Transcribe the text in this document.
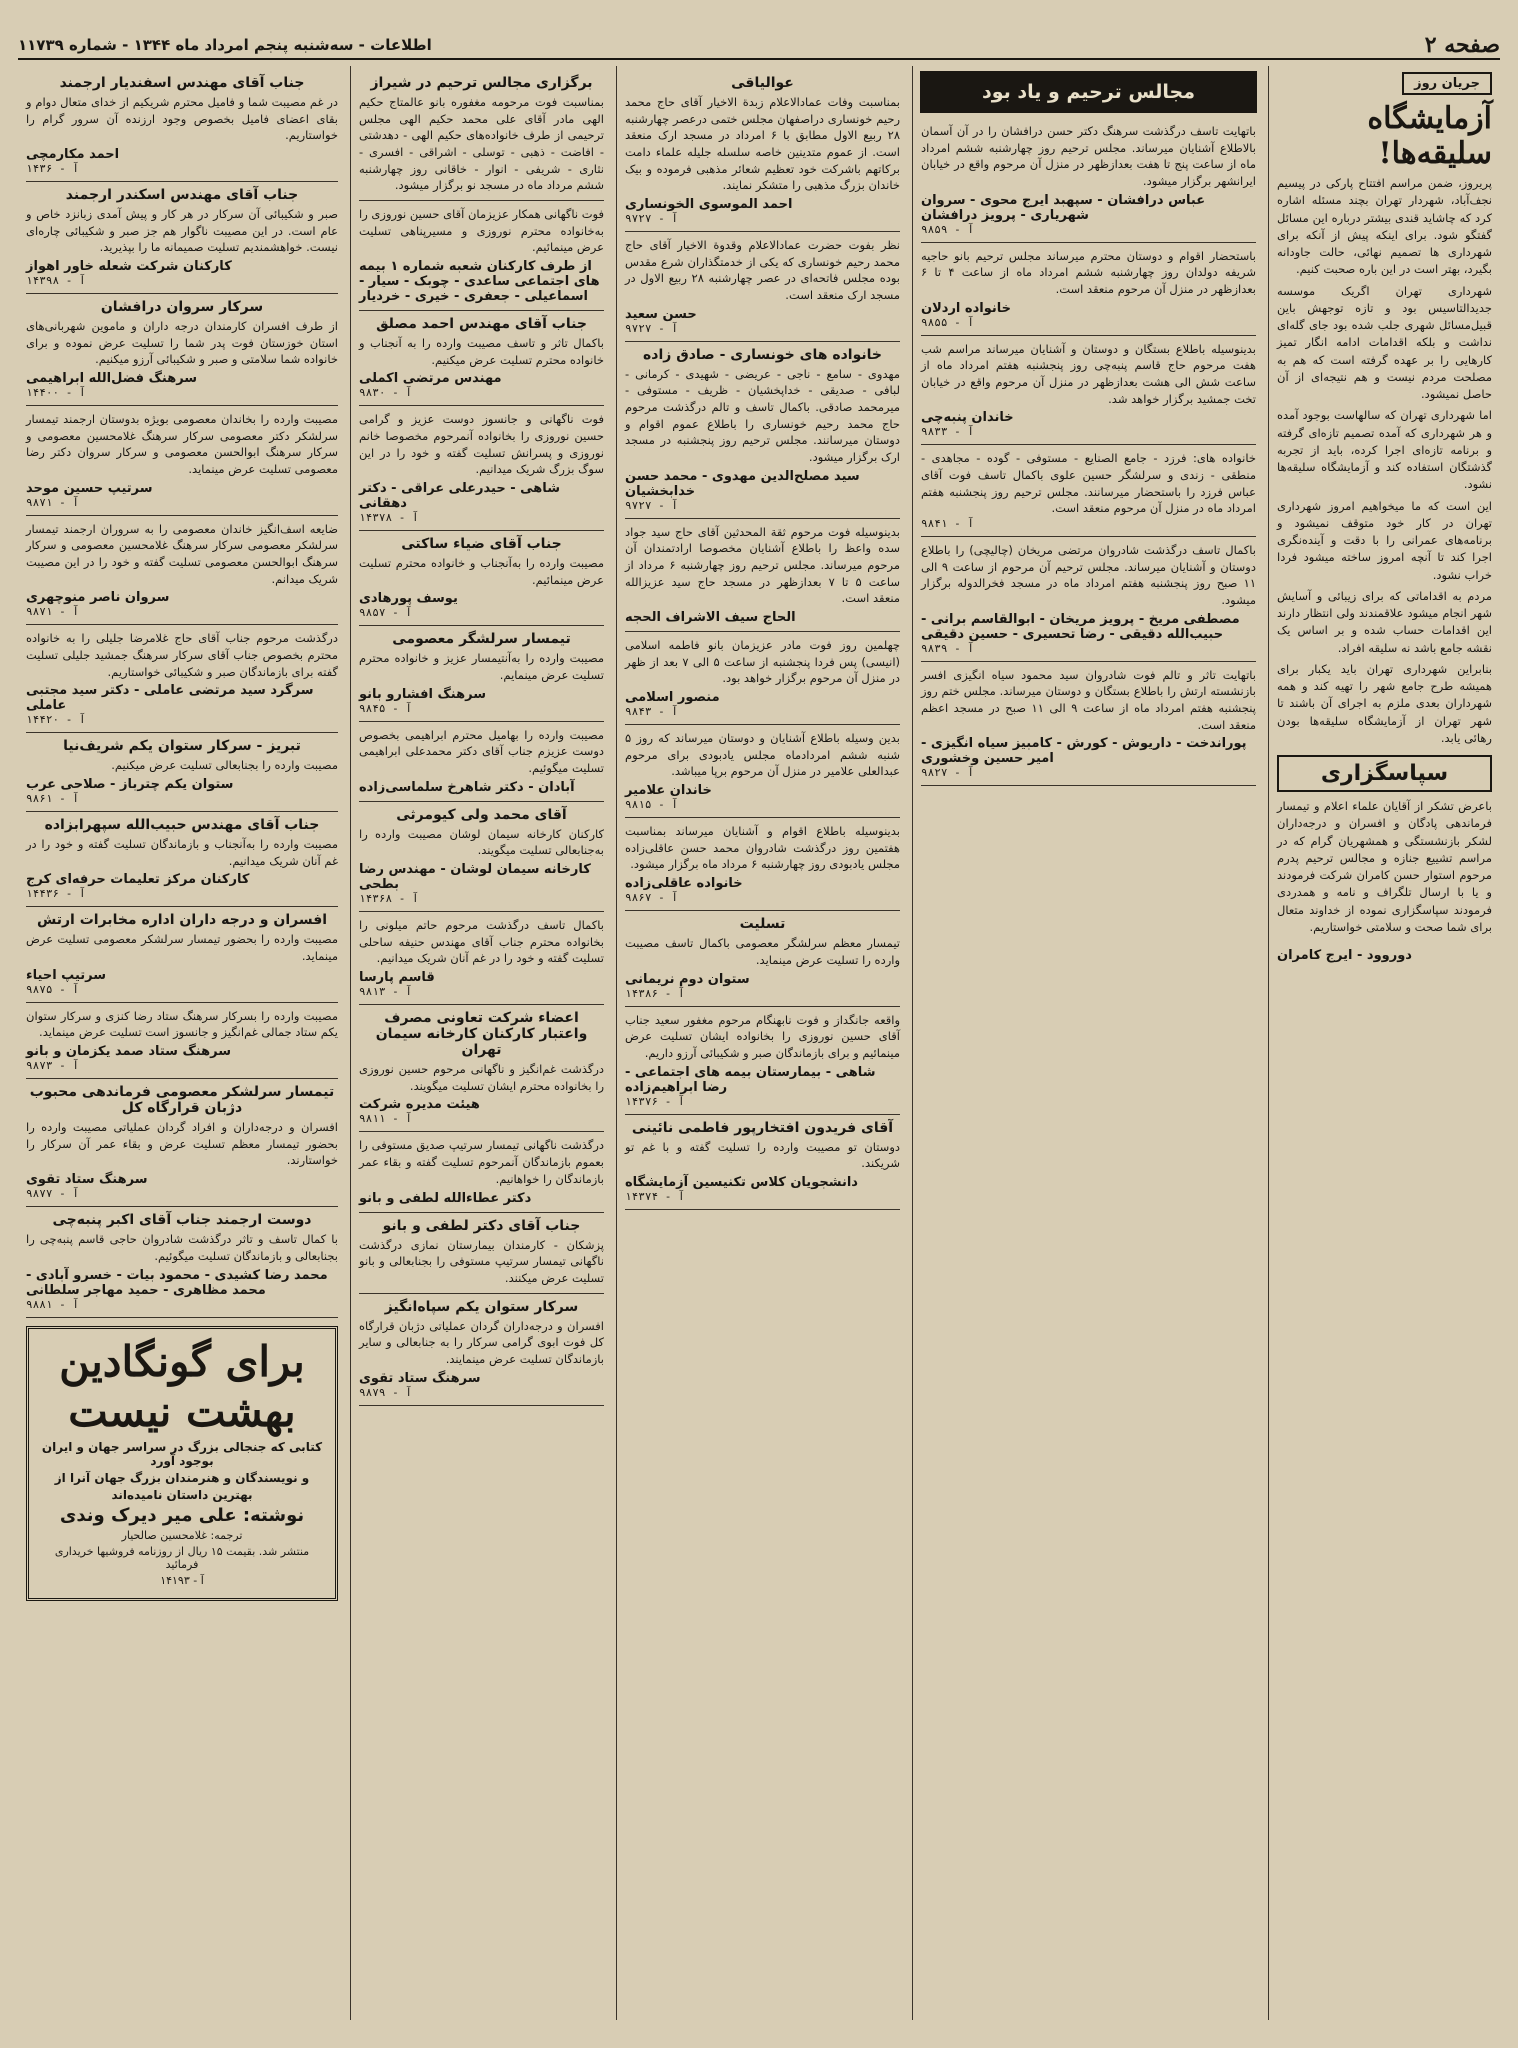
صفحه ۲
اطلاعات - سه‌شنبه پنجم امرداد ماه ۱۳۴۴ - شماره ۱۱۷۳۹
جریان روز
آزمایشگاه سلیقه‌ها!

پریروز، ضمن مراسم افتتاح پارکی در پیسیم نجف‌آباد، شهردار تهران بچند مسئله اشاره کرد که چاشاید قندی بیشتر درباره این مسائل گفتگو شود. برای اینکه پیش از آنکه برای شهرداری ها تصمیم نهائی، حالت جاودانه بگیرد، بهتر است در این باره صحبت کنیم.

شهرداری تهران اگر‌یک موسسه جدید‌التاسیس بود و تازه توجهش باین قبیل‌مسائل شهری جلب شده بود جای گله‌ای نداشت و بلکه اقدامات ادامه انگار تمیز کارهایی را بر عهده گرفته است که هم به مصلحت مردم نیست و هم نتیجه‌ای از آن حاصل نمیشود.

اما شهرداری تهران که سالهاست بوجود آمده و هر شهرداری که آمده تصمیم تازه‌ای گرفته و برنامه تازه‌ای اجرا کرده، باید از تجربه گذشتگان استفاده کند و آزمایشگاه سلیقه‌ها نشود.

این است که ما میخواهیم امروز شهرداری تهران در کار خود متوقف نمیشود و برنامه‌های عمرانی را با دقت و آینده‌نگری اجرا کند تا آنچه امروز ساخته میشود فردا خراب نشود.

مردم به اقداماتی که برای زیبائی و آسایش شهر انجام میشود علاقمندند ولی انتظار دارند این اقدامات حساب شده و بر اساس یک نقشه جامع باشد نه سلیقه افراد.

بنابراین شهرداری تهران باید یکبار برای همیشه طرح جامع شهر را تهیه کند و همه شهرداران بعدی ملزم به اجرای آن باشند تا شهر تهران از آزمایشگاه سلیقه‌ها بودن رهائی یابد.

سپاسگزاری

باعرض تشکر از آقایان علماء اعلام و تیمسار فرماندهی پادگان و افسران و درجه‌داران لشکر بازنشستگی و همشهریان گرام که در مراسم تشییع جنازه و مجالس ترحیم پدرم مرحوم استوار حسن کامران شرکت فرمودند و یا با ارسال تلگراف و نامه و همدردی فرمودند سپاسگزاری نموده از خداوند متعال برای شما صحت و سلامتی خواستاریم.

دوروود - ایرج کامران
مجالس ترحیم و یاد بود

باتهایت تاسف درگذشت سرهنگ دکتر حسن درافشان را در آن آسمان بالاطلاع آشنایان میرساند. مجلس ترحیم روز چهارشنبه ششم امرداد ماه از ساعت پنج تا هفت بعدازظهر در منزل آن مرحوم واقع در خیابان ایرانشهر برگزار میشود.

عباس درافشان - سپهبد ایرج محوی - سروان شهریاری - پرویز درافشان
آ - ۹۸۵۹

باستحضار اقوام و دوستان محترم میرساند مجلس ترحیم بانو حاجیه شریفه دولدان روز چهارشنبه ششم امرداد ماه از ساعت ۴ تا ۶ بعدازظهر در منزل آن مرحوم منعقد است.

خانواده اردلان
آ - ۹۸۵۵

بدینوسیله باطلاع بستگان و دوستان و آشنایان میرساند مراسم شب هفت مرحوم حاج قاسم پنبه‌چی روز پنجشنبه هفتم امرداد ماه از ساعت شش الی هشت بعدازظهر در منزل آن مرحوم واقع در خیابان تخت جمشید برگزار خواهد شد.

خاندان پنبه‌چی
آ - ۹۸۳۳

خانواده های: فرزد - جامع الصنایع - مستوفی - گوده - مجاهدی - منطقی - زندی و سرلشگر حسین علوی باکمال تاسف فوت آقای عباس فرزد را باستحضار میرسانند. مجلس ترحیم روز پنجشنبه هفتم امرداد ماه در منزل آن مرحوم منعقد است.

آ - ۹۸۴۱

باکمال تاسف درگذشت شادروان مرتضی مریخان (چالیچی) را باطلاع دوستان و آشنایان میرساند. مجلس ترحیم آن مرحوم از ساعت ۹ الی ۱۱ صبح روز پنجشنبه هفتم امرداد ماه در مسجد فخرالدوله برگزار میشود.

مصطفی مریخ - پرویز مریخان - ابوالقاسم برانی - حبیب‌الله دقیقی - رضا تحسیری - حسین دقیقی
آ - ۹۸۳۹

باتهایت تاثر و تالم فوت شادروان سید محمود سیاه انگیزی افسر بازنشسته ارتش را باطلاع بستگان و دوستان میرساند. مجلس ختم روز پنجشنبه هفتم امرداد ماه از ساعت ۹ الی ۱۱ صبح در مسجد اعظم منعقد است.

پوراندخت - داریوش - کورش - کامبیز سیاه انگیزی - امیر حسین وخشوری
آ - ۹۸۲۷
عوالیاقی

بمناسبت وفات عمادالاعلام زبدة الاخیار آقای حاج محمد رحیم خونساری دراصفهان مجلس ختمی درعصر چهارشنبه ۲۸ ربیع الاول مطابق با ۶ امرداد در مسجد ارک منعقد است. از عموم متدینین خاصه سلسله جلیله علماء دامت برکاتهم باشرکت خود تعظیم شعائر مذهبی فرموده و بیک خاندان بزرگ مذهبی را متشکر نمایند.

احمد الموسوی الخونساری
آ - ۹۷۲۷

نظر بفوت حضرت عمادالاعلام وقدوة الاخیار آقای حاج محمد رحیم خونساری که یکی از خدمتگذاران شرع مقدس بوده مجلس فاتحه‌ای در عصر چهارشنبه ۲۸ ربیع الاول در مسجد ارک منعقد است.

حسن سعید
آ - ۹۷۲۷
خانواده های خونساری - صادق زاده

مهدوی - سامع - ناجی - عریضی - شهیدی - کرمانی - لبافی - صدیقی - خداپخشیان - ظریف - مستوفی - میرمحمد صادقی. باکمال تاسف و تالم درگذشت مرحوم حاج محمد رحیم خونساری را باطلاع عموم اقوام و دوستان میرسانند. مجلس ترحیم روز پنجشنبه در مسجد ارک برگزار میشود.

سید مصلح‌الدین مهدوی - محمد حسن خدابخشیان
آ - ۹۷۲۷

بدینوسیله فوت مرحوم ثقة المحدثین آقای حاج سید جواد سده واعظ را باطلاع آشنایان مخصوصا ارادتمندان آن مرحوم میرساند. مجلس ترحیم روز چهارشنبه ۶ مرداد از ساعت ۵ تا ۷ بعدازظهر در مسجد حاج سید عزیزالله منعقد است.

الحاج سیف الاشراف الحجه

چهلمین روز فوت مادر عزیزمان بانو فاطمه اسلامی (انیسی) پس فردا پنجشنبه از ساعت ۵ الی ۷ بعد از ظهر در منزل آن مرحوم برگزار خواهد بود.

منصور اسلامی
آ - ۹۸۴۳

بدین وسیله باطلاع آشنایان و دوستان میرساند که روز ۵ شنبه ششم امردادماه مجلس یادبودی برای مرحوم عبدالعلی علامیر در منزل آن مرحوم برپا میباشد.

خاندان علامیر
آ - ۹۸۱۵

بدینوسیله باطلاع اقوام و آشنایان میرساند بمناسبت هفتمین روز درگذشت شادروان محمد حسن عاقلی‌زاده مجلس یادبودی روز چهارشنبه ۶ مرداد ماه برگزار میشود.

خانواده عاقلی‌زاده
آ - ۹۸۶۷
تسلیت

تیمسار معظم سرلشگر معصومی باکمال تاسف مصیبت وارده را تسلیت عرض مینماید.

ستوان دوم نریمانی
آ - ۱۴۳۸۶

واقعه جانگداز و فوت نابهنگام مرحوم مغفور سعید جناب آقای حسین نوروزی را بخانواده ایشان تسلیت عرض مینمائیم و برای بازماندگان صبر و شکیبائی آرزو داریم.

شاهی - بیمارستان بیمه های اجتماعی - رضا ابراهیم‌زاده
آ - ۱۴۳۷۶
آقای فریدون افتخارپور فاطمی نائینی

دوستان تو مصیبت وارده را تسلیت گفته و با غم تو شریکند.

دانشجویان کلاس تکنیسین آزمایشگاه
آ - ۱۴۳۷۴
برگزاری مجالس ترحیم در شیراز

بمناسبت فوت مرحومه مغفوره بانو عالمتاج حکیم الهی مادر آقای علی محمد حکیم الهی مجلس ترحیمی از طرف خانواده‌های حکیم الهی - دهدشتی - افاضت - ذهبی - توسلی - اشراقی - افسری - نثاری - شریفی - انوار - خاقانی روز چهارشنبه ششم مرداد ماه در مسجد نو برگزار میشود.

فوت ناگهانی همکار عزیزمان آقای حسین نوروزی را به‌خانواده محترم نوروزی و مسیرپناهی تسلیت عرض مینمائیم.

از طرف کارکنان شعبه شماره ۱ بیمه های اجتماعی ساعدی - چوبک - سیار - اسماعیلی - جعفری - خیری - خردیار
جناب آقای مهندس احمد مصلق

باکمال تاثر و تاسف مصیبت وارده را به آنجناب و خانواده محترم تسلیت عرض میکنیم.

مهندس مرتضی اکملی
آ - ۹۸۳۰

فوت ناگهانی و جانسوز دوست عزیز و گرامی حسین نوروزی را بخانواده آنمرحوم مخصوصا خانم نوروزی و پسرانش تسلیت گفته و خود را در این سوگ بزرگ شریک میدانیم.

شاهی - حیدرعلی عراقی - دکتر دهقانی
آ - ۱۴۳۷۸
جناب آقای ضیاء ساکتی

مصیبت وارده را به‌آنجناب و خانواده محترم تسلیت عرض مینمائیم.

یوسف پورهادی
آ - ۹۸۵۷
تیمسار سرلشگر معصومی

مصیبت وارده را به‌آنتیمسار عزیز و خانواده محترم تسلیت عرض مینمایم.

سرهنگ افشارو بانو
آ - ۹۸۴۵

مصیبت وارده را بهامیل محترم ابراهیمی بخصوص دوست عزیزم جناب آقای دکتر محمدعلی ابراهیمی تسلیت میگوئیم.

آبادان - دکتر شاهرخ سلماسی‌زاده
آقای محمد ولی کیومرثی

کارکنان کارخانه سیمان لوشان مصیبت وارده را به‌جنابعالی تسلیت میگویند.

کارخانه سیمان لوشان - مهندس رضا بطحی
آ - ۱۴۳۶۸

باکمال تاسف درگذشت مرحوم حاتم میلونی را بخانواده محترم جناب آقای مهندس حنیفه ساحلی تسلیت گفته و خود را در غم آنان شریک میدانیم.

قاسم پارسا
آ - ۹۸۱۳
اعضاء شرکت تعاونی مصرف واعتبار کارکنان کارخانه سیمان تهران

درگذشت غم‌انگیز و ناگهانی مرحوم حسین نوروزی را بخانواده محترم ایشان تسلیت میگویند.

هیئت مدیره شرکت
آ - ۹۸۱۱

درگذشت ناگهانی تیمسار سرتیپ صدیق مستوفی را بعموم بازماندگان آنمرحوم تسلیت گفته و بقاء عمر بازماندگان را خواهانیم.

دکتر عطاءالله لطفی و بانو
جناب آقای دکتر لطفی و بانو

پزشکان - کارمندان بیمارستان نمازی درگذشت ناگهانی تیمسار سرتیپ مستوفی را بجنابعالی و بانو تسلیت عرض میکنند.

سرکار ستوان یکم سپاه‌انگیز

افسران و درجه‌داران گردان عملیاتی دژبان قرارگاه کل فوت ابوی گرامی سرکار را به جنابعالی و سایر بازماندگان تسلیت عرض مینمایند.

سرهنگ ستاد تقوی
آ - ۹۸۷۹
جناب آقای مهندس اسفندیار ارجمند

در غم مصیبت شما و فامیل محترم شریکیم از خدای متعال دوام و بقای اعضای فامیل بخصوص وجود ارزنده آن سرور گرام را خواستاریم.

احمد مکارمچی
آ - ۱۴۳۶
جناب آقای مهندس اسکندر ارجمند

صبر و شکیبائی آن سرکار در هر کار و پیش آمدی زبانزد خاص و عام است. در این مصیبت ناگوار هم جز صبر و شکیبائی چاره‌ای نیست. خواهشمندیم تسلیت صمیمانه ما را بپذیرید.

کارکنان شرکت شعله خاور اهواز
آ - ۱۴۳۹۸
سرکار سروان درافشان

از طرف افسران کارمندان درجه داران و ماموین شهربانی‌های استان خوزستان فوت پدر شما را تسلیت عرض نموده و برای خانواده شما سلامتی و صبر و شکیبائی آرزو میکنیم.

سرهنگ فضل‌الله ابراهیمی
آ - ۱۴۴۰۰

مصیبت وارده را بخاندان معصومی بویژه بدوستان ارجمند تیمسار سرلشکر دکتر معصومی سرکار سرهنگ غلامحسین معصومی و سرکار سرهنگ ابوالحسن معصومی و سرکار سروان دکتر رضا معصومی تسلیت عرض مینماید.

سرتیپ حسین موحد
آ - ۹۸۷۱

ضایعه اسف‌انگیز خاندان معصومی را به سروران ارجمند تیمسار سرلشکر معصومی سرکار سرهنگ غلامحسین معصومی و سرکار سرهنگ ابوالحسن معصومی تسلیت گفته و خود را در این مصیبت شریک میدانم.

سروان ناصر منوچهری
آ - ۹۸۷۱

درگذشت مرحوم جناب آقای حاج غلامرضا جلیلی را به خانواده محترم بخصوص جناب آقای سرکار سرهنگ جمشید جلیلی تسلیت گفته برای بازماندگان صبر و شکیبائی خواستاریم.

سرگرد سید مرتضی عاملی - دکتر سید مجتبی عاملی
آ - ۱۴۴۲۰
تبریز - سرکار ستوان یکم شریف‌نیا

مصیبت وارده را بجنابعالی تسلیت عرض میکنیم.

ستوان یکم چترباز - صلاحی عرب
آ - ۹۸۶۱
جناب آقای مهندس حبیب‌الله سپهرابزاده

مصیبت وارده را به‌آنجناب و بازماندگان تسلیت گفته و خود را در غم آنان شریک میدانیم.

کارکنان مرکز تعلیمات حرفه‌ای کرج
آ - ۱۴۴۳۶
افسران و درجه داران اداره مخابرات ارتش

مصیبت وارده را بحضور تیمسار سرلشکر معصومی تسلیت عرض مینماید.

سرتیپ احیاء
آ - ۹۸۷۵

مصیبت وارده را بسرکار سرهنگ ستاد رضا کنزی و سرکار ستوان یکم ستاد جمالی غم‌انگیز و جانسوز است تسلیت عرض مینماید.

سرهنگ ستاد صمد یکزمان و بانو
آ - ۹۸۷۳
تیمسار سرلشکر معصومی فرماندهی محبوب دژبان قرارگاه کل

افسران و درجه‌داران و افراد گردان عملیاتی مصیبت وارده را بحضور تیمسار معظم تسلیت عرض و بقاء عمر آن سرکار را خواستارند.

سرهنگ ستاد تقوی
آ - ۹۸۷۷
دوست ارجمند جناب آقای اکبر پنبه‌چی

با کمال تاسف و تاثر درگذشت شادروان حاجی قاسم پنبه‌چی را بجنابعالی و بازماندگان تسلیت میگوئیم.

محمد رضا کشیدی - محمود بیات - خسرو آبادی - محمد مظاهری - حمید مهاجر سلطانی
آ - ۹۸۸۱
برای گونگادین بهشت نیست

کتابی که جنجالی بزرگ در سراسر جهان و ایران بوجود آورد

و نویسندگان و هنرمندان بزرگ جهان آنرا از

بهترین داستان نامیده‌اند

نوشته: علی میر دیرک وندی

ترجمه: غلامحسین صالحیار

منتشر شد. بقیمت ۱۵ ریال از روزنامه فروشیها خریداری فرمائید

آ - ۱۴۱۹۳
